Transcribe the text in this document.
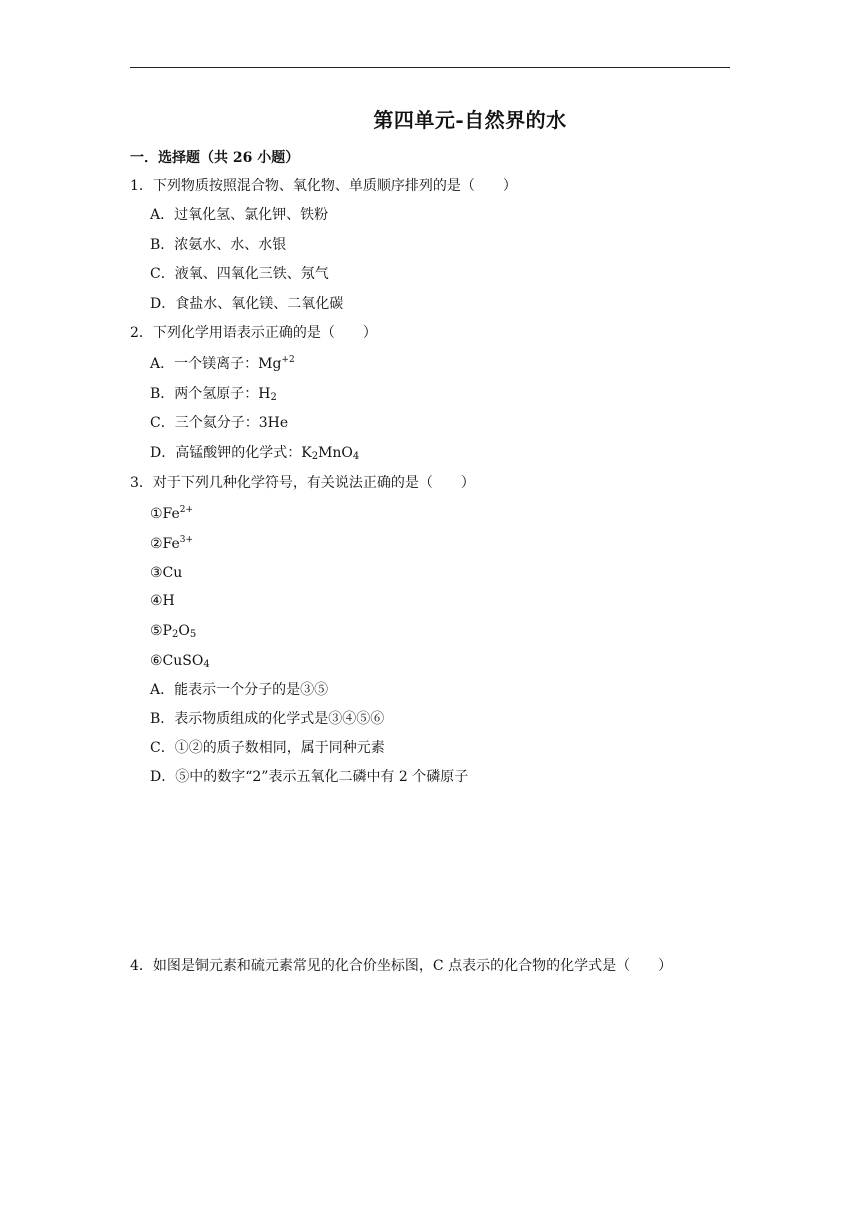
第四单元-自然界的水
一．选择题（共 26 小题）
1．下列物质按照混合物、氧化物、单质顺序排列的是（　　）
A．过氧化氢、氯化钾、铁粉
B．浓氨水、水、水银
C．液氧、四氧化三铁、氖气
D．食盐水、氧化镁、二氧化碳
2．下列化学用语表示正确的是（　　）
A．一个镁离子：$Mg^{+2}$
B．两个氢原子：$H_2$
C．三个氦分子：3He
D．高锰酸钾的化学式：$K_2MnO_4$
3．对于下列几种化学符号，有关说法正确的是（　　）
$①Fe^{2+}$
$②Fe^{3+}$
③Cu
④H
$⑤P_2O_5$
⑥CuSO$_4$
A．能表示一个分子的是③⑤
B．表示物质组成的化学式是③④⑤⑥
C．①②的质子数相同，属于同种元素
D．⑤中的数字“2”表示五氧化二磷中有 2 个磷原子
4．如图是铜元素和硫元素常见的化合价坐标图，C 点表示的化合物的化学式是（　　）
